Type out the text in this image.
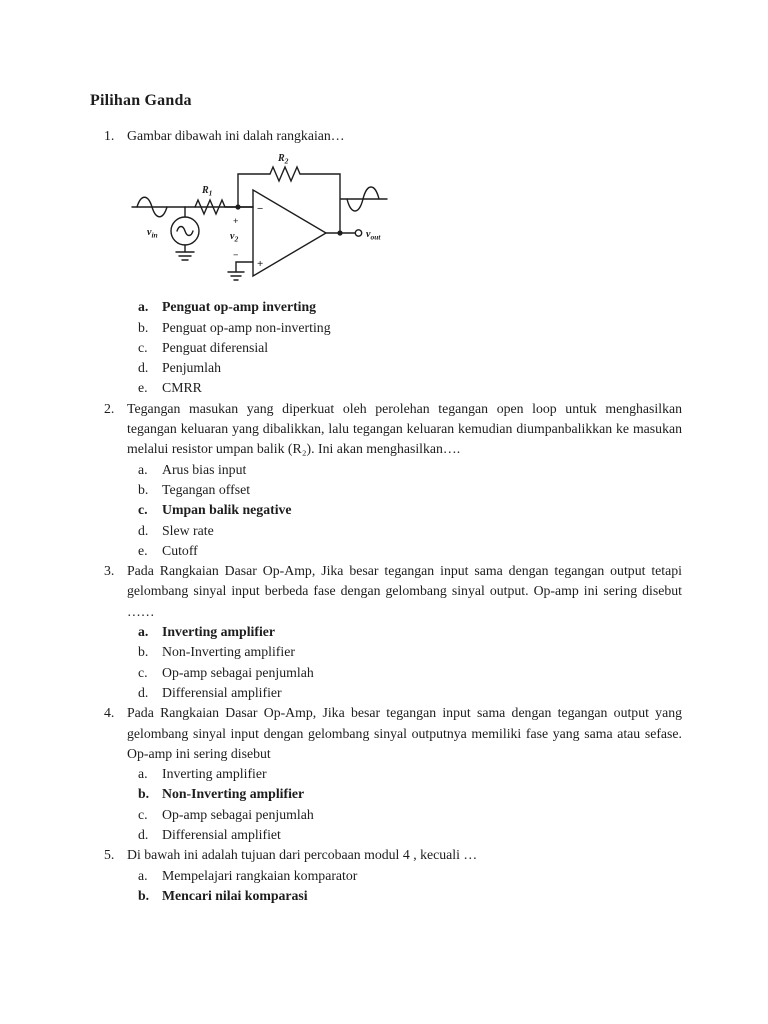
Pilihan Ganda
1. Gambar dibawah ini dalah rangkaian…
$v_{in}$
$R_1$
$R_2$
$v_2$	$v_{out}$
+
−
−
+
a. Penguat op-amp inverting
b. Penguat op-amp non-inverting
c.	Penguat diferensial
d. Penjumlah
e.	CMRR
2. Tegangan masukan yang diperkuat oleh perolehan tegangan open loop untuk menghasilkan tegangan keluaran yang dibalikkan, lalu tegangan keluaran kemudian diumpanbalikkan ke masukan melalui resistor umpan balik (R₂). Ini akan menghasilkan….
a.	Arus bias input
b. Tegangan offset
c.	Umpan balik negative
d. Slew rate
e.	Cutoff
3. Pada Rangkaian Dasar Op-Amp, Jika besar tegangan input sama dengan tegangan output tetapi gelombang sinyal input berbeda fase dengan gelombang sinyal output. Op-amp ini sering disebut ……
a. Inverting amplifier
b. Non-Inverting amplifier
c.	Op-amp sebagai penjumlah
d. Differensial amplifier
4. Pada Rangkaian Dasar Op-Amp, Jika besar tegangan input sama dengan tegangan output yang gelombang sinyal input dengan gelombang sinyal outputnya memiliki fase yang sama atau sefase. Op-amp ini sering disebut
a.	Inverting amplifier
b. Non-Inverting amplifier
c.	Op-amp sebagai penjumlah
d. Differensial amplifiet
5. Di bawah ini adalah tujuan dari percobaan modul 4 , kecuali …
a.	Mempelajari rangkaian komparator
b. Mencari nilai komparasi
